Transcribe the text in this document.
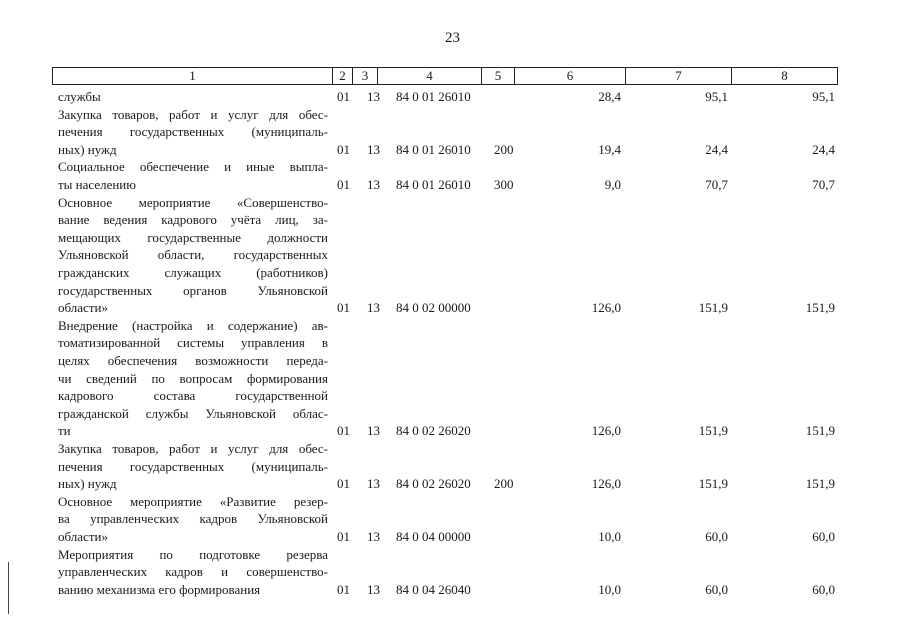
23
1	2	3	4	5	6	7	8
службы	01 13 84 0 01 26010	28,4	95,1	95,1
Закупка товаров, работ и услуг для обес-
печения государственных (муниципаль-
ных) нужд	01 13 84 0 01 26010 200	19,4	24,4	24,4
Социальное обеспечение и иные выпла-
ты населению	01 13 84 0 01 26010 300	9,0	70,7	70,7
Основное мероприятие «Совершенство-
вание ведения кадрового учёта лиц, за-
мещающих государственные должности
Ульяновской области, государственных
гражданских служащих (работников)
государственных органов Ульяновской
области»	01 13 84 0 02 00000	126,0	151,9	151,9
Внедрение (настройка и содержание) ав-
томатизированной системы управления в
целях обеспечения возможности переда-
чи сведений по вопросам формирования
кадрового состава государственной
гражданской службы Ульяновской облас-
ти	01 13 84 0 02 26020	126,0	151,9	151,9
Закупка товаров, работ и услуг для обес-
печения государственных (муниципаль-
ных) нужд	01 13 84 0 02 26020 200	126,0	151,9	151,9
Основное мероприятие «Развитие резер-
ва управленческих кадров Ульяновской
области»	01 13 84 0 04 00000	10,0	60,0	60,0
Мероприятия по подготовке резерва
управленческих кадров и совершенство-
ванию механизма его формирования	01 13 84 0 04 26040	10,0	60,0	60,0
